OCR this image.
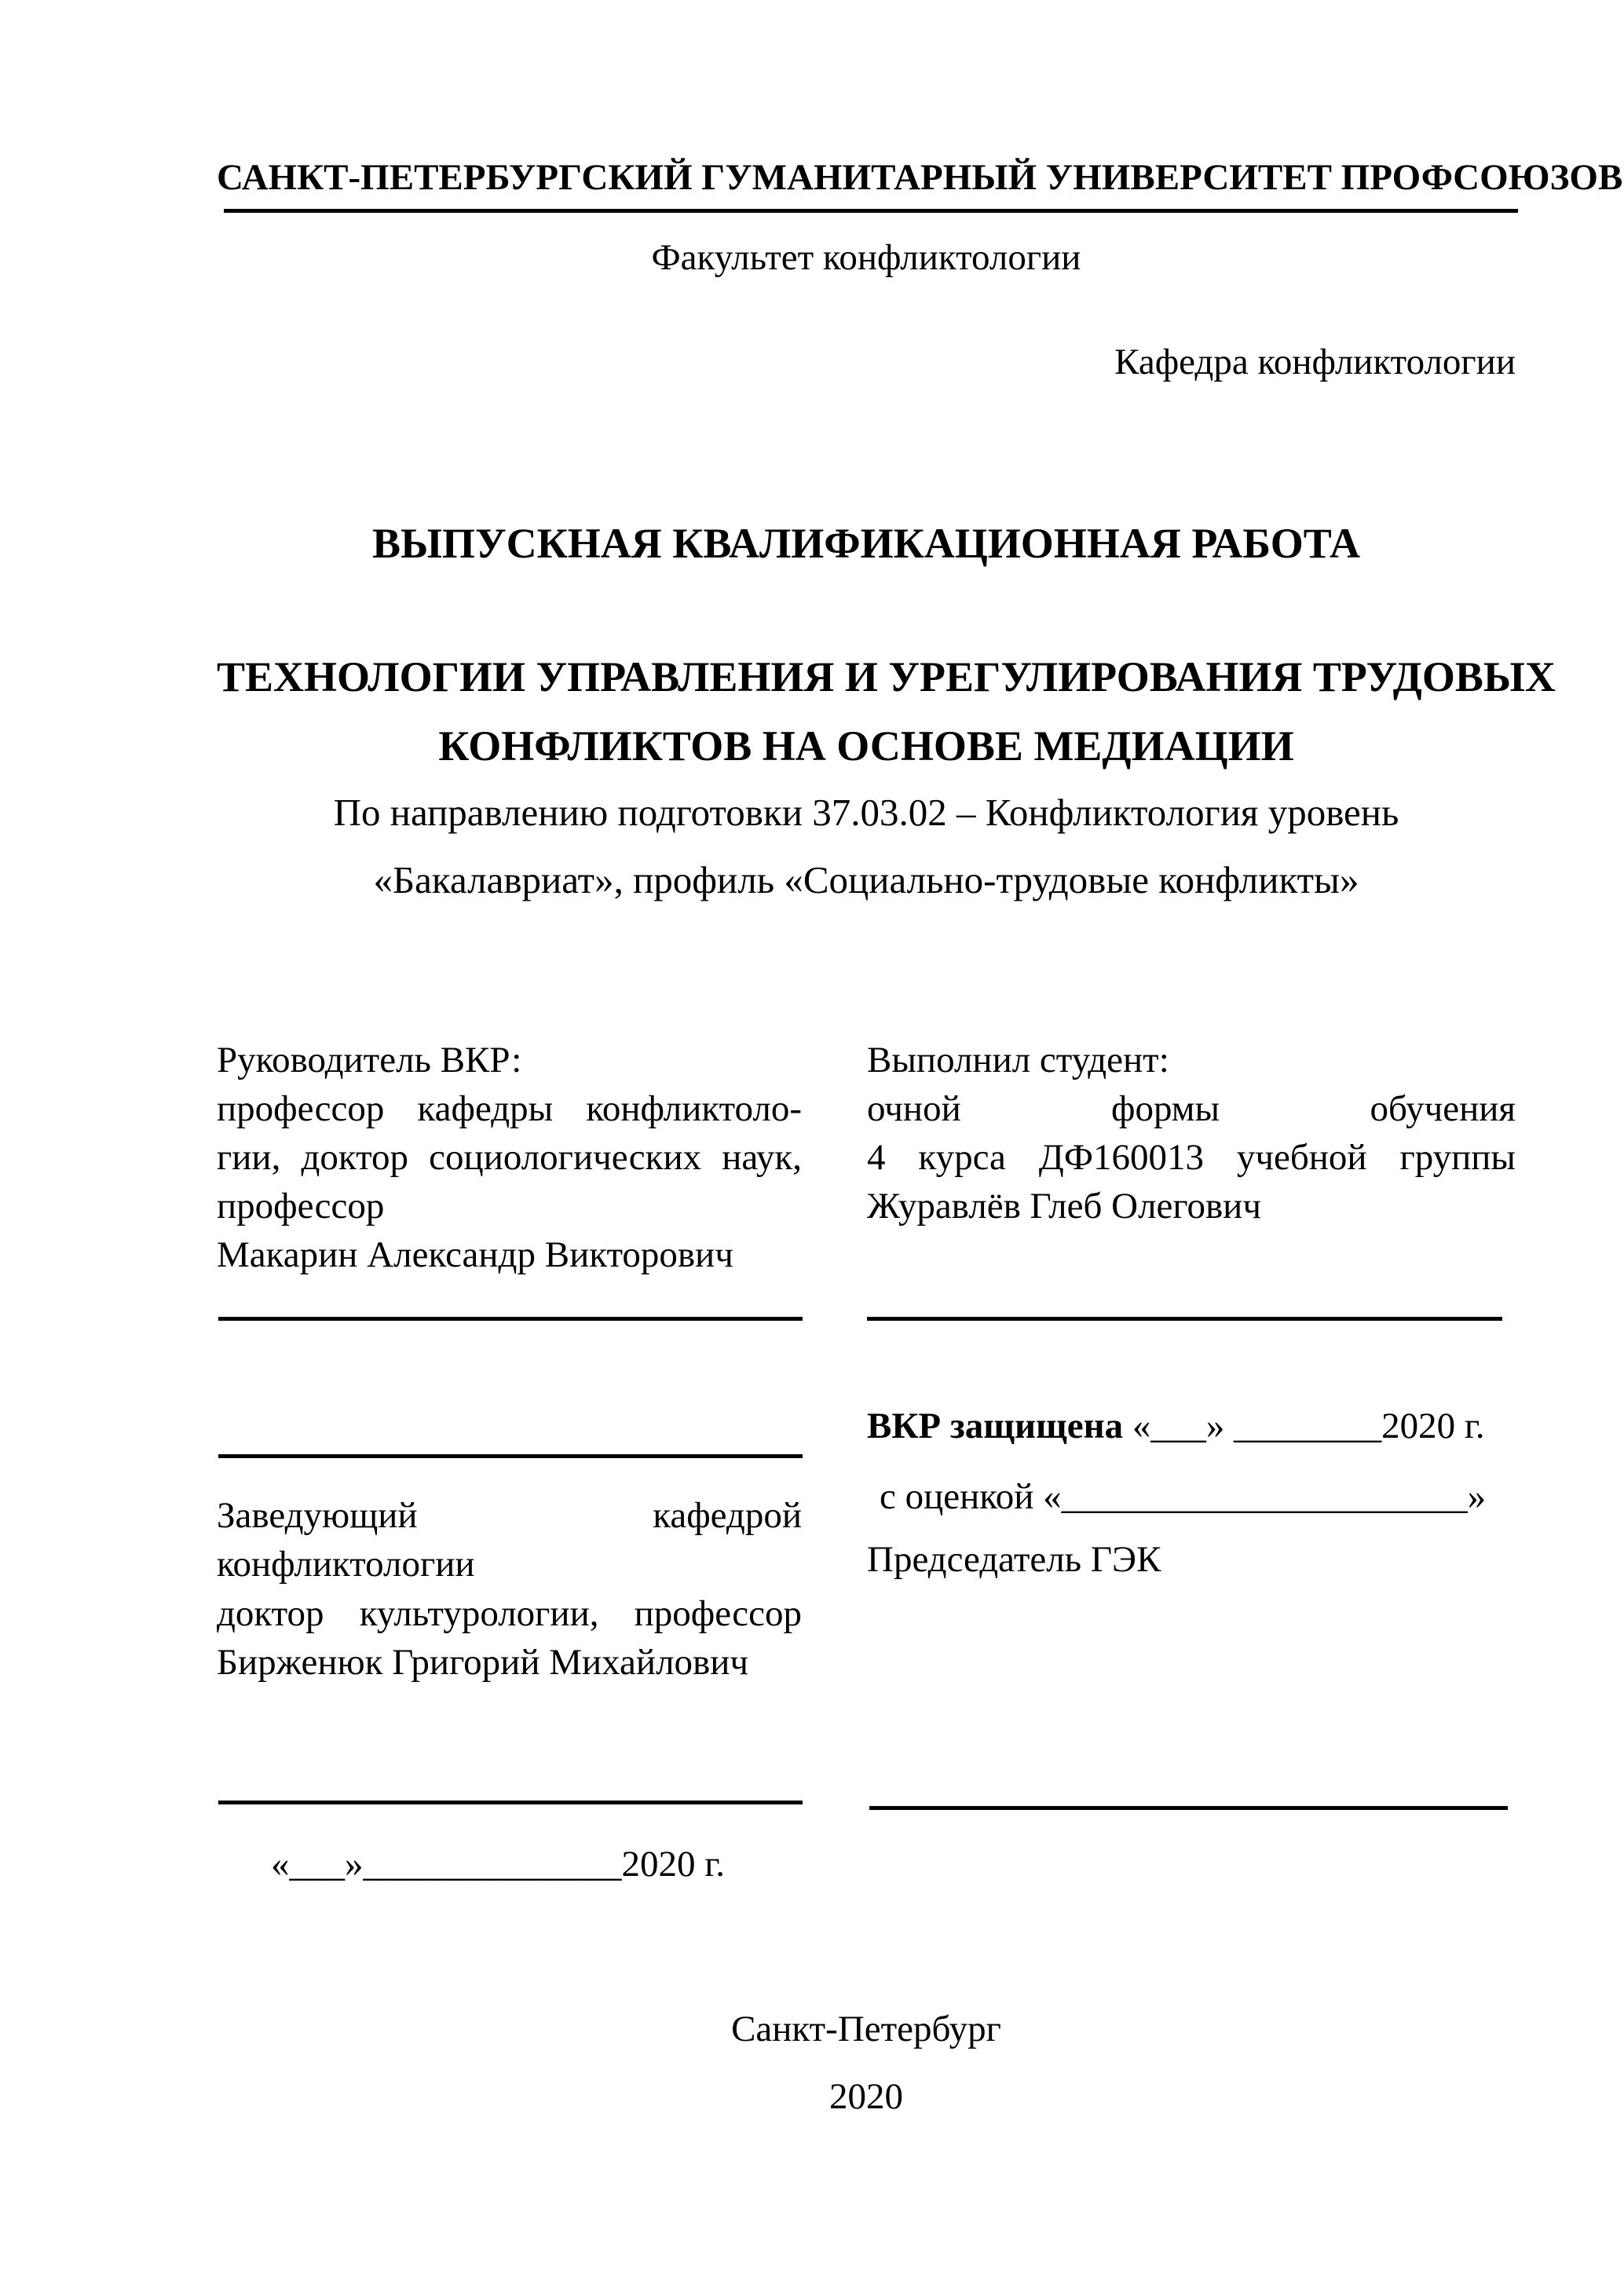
САНКТ-ПЕТЕРБУРГСКИЙ ГУМАНИТАРНЫЙ УНИВЕРСИТЕТ ПРОФСОЮЗОВ
Факультет конфликтологии
Кафедра конфликтологии
ВЫПУСКНАЯ КВАЛИФИКАЦИОННАЯ РАБОТА
ТЕХНОЛОГИИ УПРАВЛЕНИЯ И УРЕГУЛИРОВАНИЯ ТРУДОВЫХ
КОНФЛИКТОВ НА ОСНОВЕ МЕДИАЦИИ
По направлению подготовки 37.03.02 – Конфликтология уровень
«Бакалавриат», профиль «Социально-трудовые конфликты»
Руководитель ВКР:
профессор кафедры конфликтоло-
гии, доктор социологических наук,
профессор
Макарин Александр Викторович
Заведующий кафедрой
конфликтологии
доктор культурологии, профессор
Бирженюк Григорий Михайлович
Выполнил студент:
очной формы обучения
4 курса ДФ160013 учебной группы
Журавлёв Глеб Олегович
ВКР защищена «___» ________2020 г.
с оценкой «______________________»
Председатель ГЭК
«___»______________2020 г.
Санкт-Петербург
2020
